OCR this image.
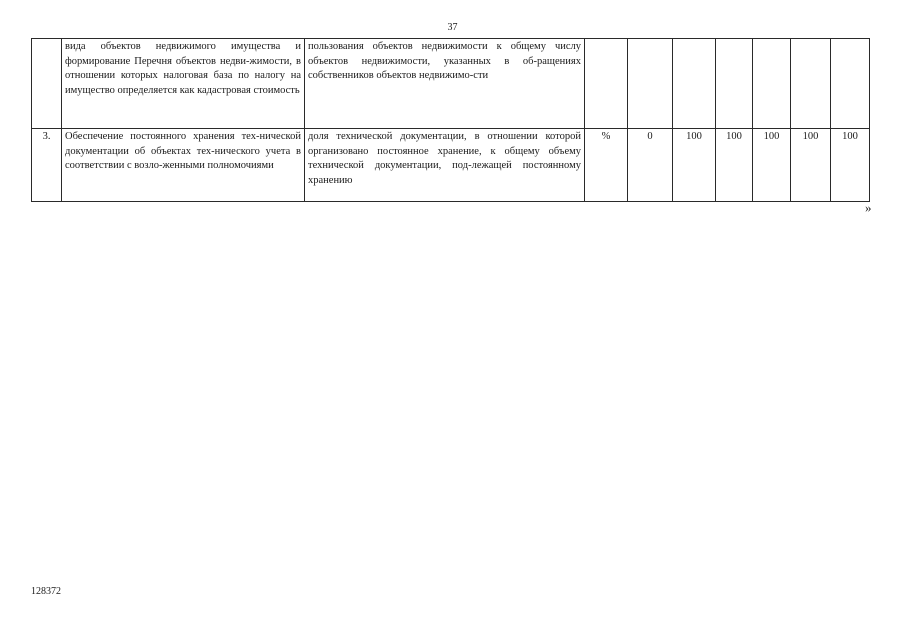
37
	вида объектов недвижимого имущества и формирование Перечня объектов недви-жимости, в отношении которых налоговая база по налогу на имущество определяется как кадастровая стоимость	пользования объектов недвижимости к общему числу объектов недвижимости, указанных в об-ращениях собственников объектов недвижимо-сти							
3.	Обеспечение постоянного хранения тех-нической документации об объектах тех-нического учета в соответствии с возло-женными полномочиями	доля технической документации, в отношении которой организовано постоянное хранение, к общему объему технической документации, под-лежащей постоянному хранению	%	0	100	100	100	100	100
»
128372
